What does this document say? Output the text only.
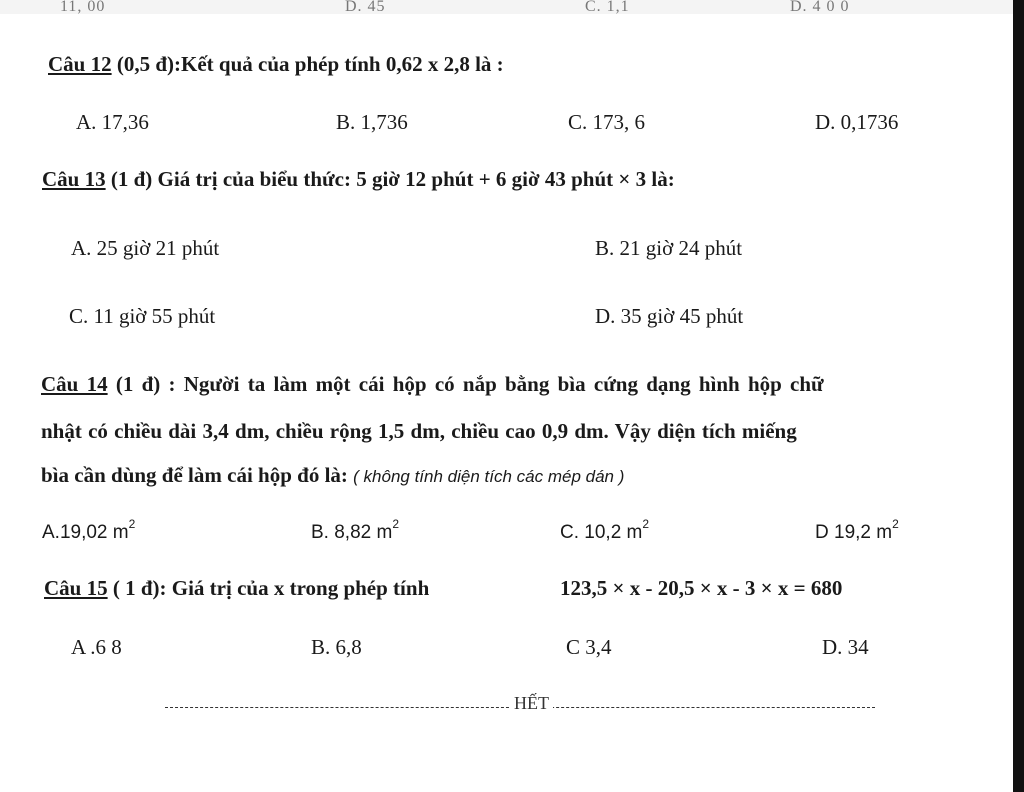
11, 00	D. 45	C. 1,1	D. 4 0 0
Câu 12 (0,5 đ):Kết quả của phép tính 0,62 x 2,8 là :
A. 17,36	B. 1,736	C. 173, 6	D. 0,1736
Câu 13 (1 đ) Giá trị của biểu thức: 5 giờ 12 phút + 6 giờ 43 phút × 3 là:
A. 25 giờ 21 phút	B. 21 giờ 24 phút
C. 11 giờ 55 phút	D. 35 giờ 45 phút
Câu 14 (1 đ) : Người ta làm một cái hộp có nắp bằng bìa cứng dạng hình hộp chữ
nhật có chiều dài 3,4 dm, chiều rộng 1,5 dm, chiều cao 0,9 dm. Vậy diện tích miếng
bìa cần dùng để làm cái hộp đó là: ( không tính diện tích các mép dán )
A.19,02 $m^2$	B. 8,82 $m^2$	C. 10,2 $m^2$	D 19,2 $m^2$
Câu 15 ( 1 đ): Giá trị của x trong phép tính	123,5 × x - 20,5 × x - 3 × x = 680
A .6 8	B. 6,8	C 3,4	D. 34
HẾT
